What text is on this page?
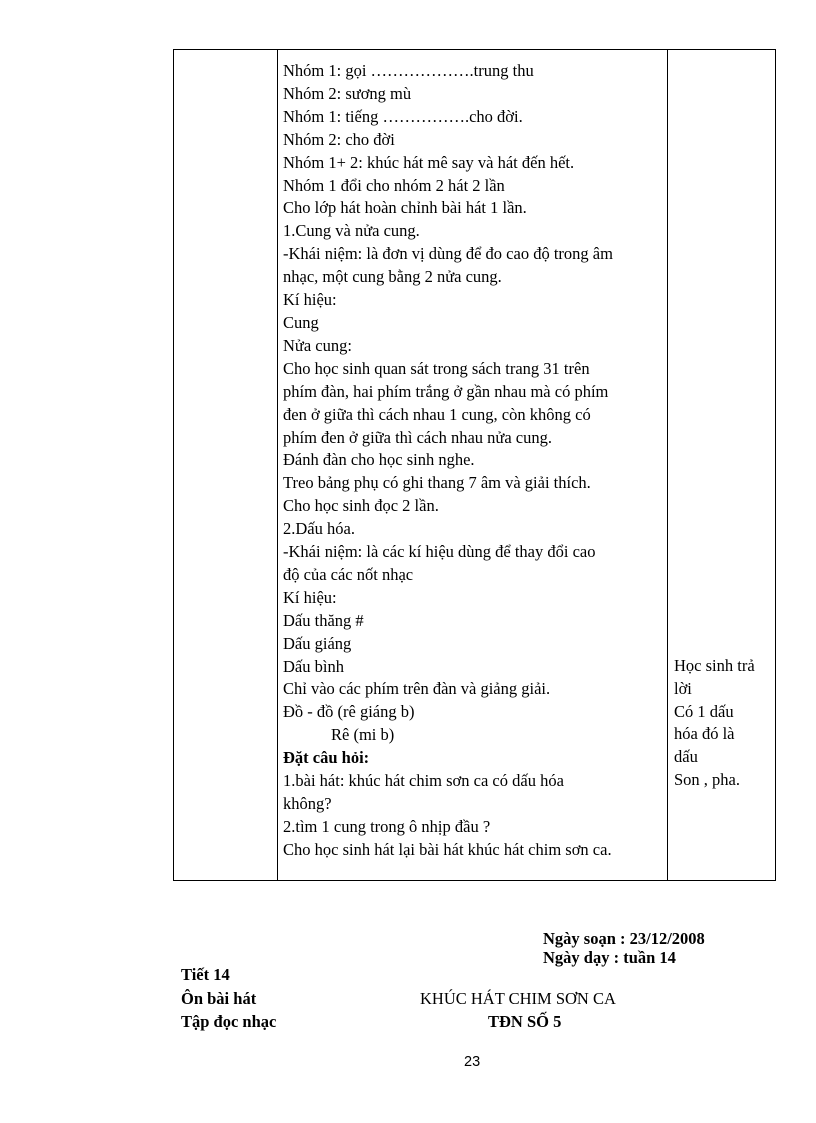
Nhóm 1: gọi ……………….trung thu
Nhóm 2: sương mù
Nhóm 1: tiếng …………….cho đời.
Nhóm 2: cho đời
Nhóm 1+ 2: khúc hát mê say và hát đến hết.
Nhóm 1 đổi cho nhóm 2 hát 2 lần
Cho lớp hát hoàn chỉnh bài hát 1 lần.
1.Cung và nửa cung.
-Khái niệm: là đơn vị dùng để đo cao độ trong âm
nhạc, một cung bằng 2 nửa cung.
Kí hiệu:
Cung
Nửa cung:
Cho học sinh quan sát trong sách trang 31 trên
phím đàn, hai phím trắng ở gần nhau mà có phím
đen ở giữa thì cách nhau 1 cung, còn không có
phím đen ở giữa thì cách nhau nửa cung.
Đánh đàn cho học sinh nghe.
Treo bảng phụ có ghi thang 7 âm và giải thích.
Cho học sinh đọc 2 lần.
2.Dấu hóa.
-Khái niệm: là các kí hiệu dùng để thay đổi cao
độ của các nốt nhạc
Kí hiệu:
Dấu thăng #
Dấu giáng
Dấu bình
Chỉ vào các phím trên đàn và giảng giải.
Đồ - đồ (rê giáng b)
Rê (mi b)
Đặt câu hỏi:
1.bài hát: khúc hát chim sơn ca có dấu hóa
không?
2.tìm 1 cung trong ô nhịp đầu ?
Cho học sinh hát lại bài hát khúc hát chim sơn ca.
Học sinh trả
lời
Có 1 dấu
hóa đó là
dấu
Son , pha.
Ngày soạn : 23/12/2008
Ngày dạy : tuần 14
Tiết 14
Ôn bài hát	KHÚC HÁT CHIM SƠN CA
Tập đọc nhạc	TĐN SỐ 5
23
